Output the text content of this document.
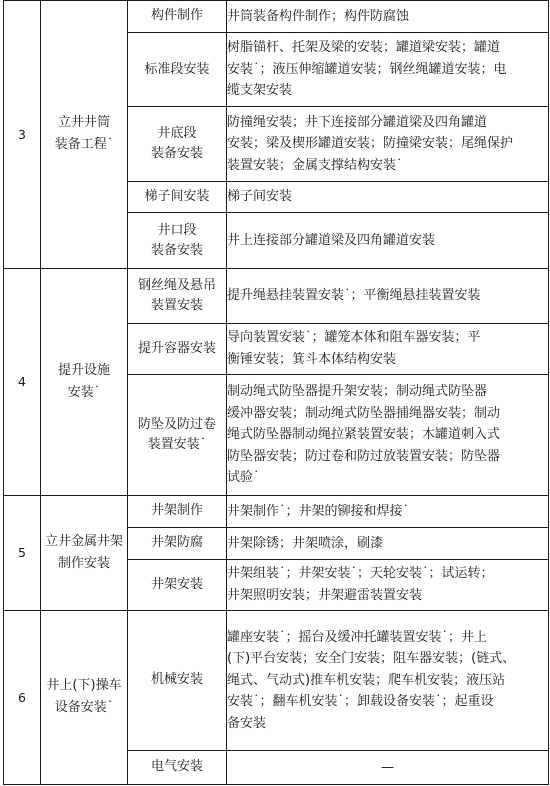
3	立井井筒
装备工程˙	构件制作	井筒装备构件制作；构件防腐蚀

		标准段安装	树脂锚杆、托架及梁的安装；罐道梁安装；罐道
安装˙；液压伸缩罐道安装；钢丝绳罐道安装；电
缆支架安装

		井底段
装备安装	防撞绳安装；井下连接部分罐道梁及四角罐道
安装；梁及楔形罐道安装；防撞梁安装；尾绳保护
装置安装；金属支撑结构安装˙

		梯子间安装	梯子间安装

		井口段
装备安装	井上连接部分罐道梁及四角罐道安装

4	提升设施
安装˙	钢丝绳及悬吊
装置安装	提升绳悬挂装置安装˙；平衡绳悬挂装置安装

		提升容器安装	导向装置安装˙；罐笼本体和阻车器安装；平
衡锤安装；箕斗本体结构安装

		防坠及防过卷
装置安装˙	制动绳式防坠器提升架安装；制动绳式防坠器
缓冲器安装；制动绳式防坠器捕绳器安装；制动
绳式防坠器制动绳拉紧装置安装；木罐道刺入式
防坠器安装；防过卷和防过放装置安装；防坠器
试验˙

5	立井金属井架
制作安装	井架制作	井架制作˙；井架的铆接和焊接˙

		井架防腐	井架除锈；井架喷涂，刷漆

		井架安装	井架组装˙；井架安装˙；天轮安装˙；试运转；
井架照明安装；井架避雷装置安装

6	井上(下)操车
设备安装˙	机械安装	罐座安装˙；摇台及缓冲托罐装置安装˙；井上
(下)平台安装；安全门安装；阻车器安装；(链式、
绳式、气动式)推车机安装；爬车机安装；液压站
安装˙；翻车机安装˙；卸载设备安装˙；起重设
备安装

		电气安装	—
